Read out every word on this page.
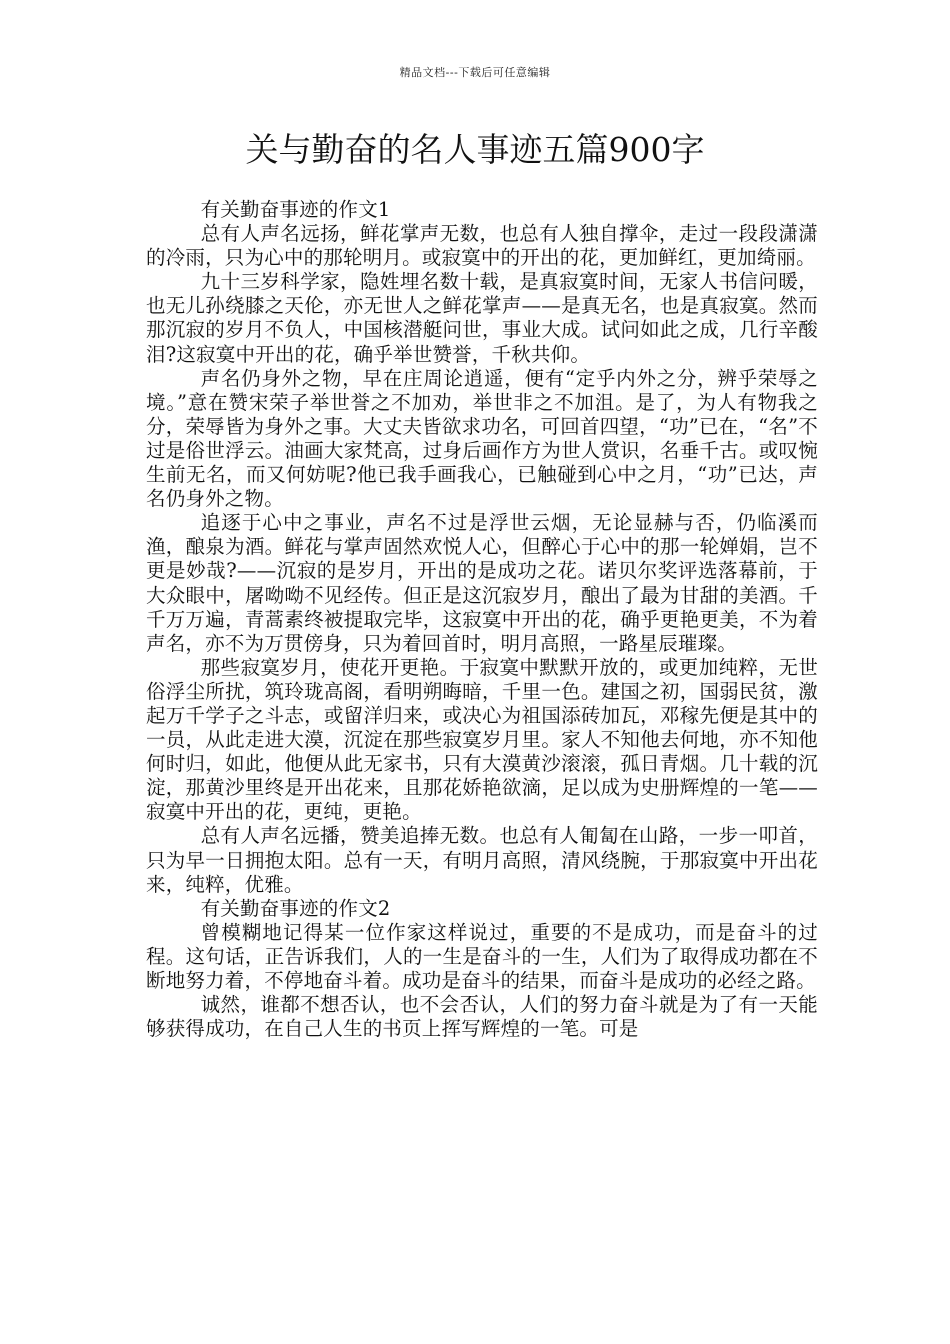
精品文档---下载后可任意编辑
关与勤奋的名人事迹五篇900字

有关勤奋事迹的作文1

总有人声名远扬，鲜花掌声无数，也总有人独自撑伞，走过一段段潇潇的冷雨，只为心中的那轮明月。或寂寞中的开出的花，更加鲜红，更加绮丽。

九十三岁科学家，隐姓埋名数十载，是真寂寞时间，无家人书信问暖，也无儿孙绕膝之天伦，亦无世人之鲜花掌声——是真无名，也是真寂寞。然而那沉寂的岁月不负人，中国核潜艇问世，事业大成。试问如此之成，几行辛酸泪?这寂寞中开出的花，确乎举世赞誉，千秋共仰。

声名仍身外之物，早在庄周论逍遥，便有“定乎内外之分，辨乎荣辱之境。”意在赞宋荣子举世誉之不加劝，举世非之不加沮。是了，为人有物我之分，荣辱皆为身外之事。大丈夫皆欲求功名，可回首四望，“功”已在，“名”不过是俗世浮云。油画大家梵高，过身后画作方为世人赏识，名垂千古。或叹惋生前无名，而又何妨呢?他已我手画我心，已触碰到心中之月，“功”已达，声名仍身外之物。

追逐于心中之事业，声名不过是浮世云烟，无论显赫与否，仍临溪而渔，酿泉为酒。鲜花与掌声固然欢悦人心，但醉心于心中的那一轮婵娟，岂不更是妙哉?——沉寂的是岁月，开出的是成功之花。诺贝尔奖评选落幕前，于大众眼中，屠呦呦不见经传。但正是这沉寂岁月，酿出了最为甘甜的美酒。千千万万遍，青蒿素终被提取完毕，这寂寞中开出的花，确乎更艳更美，不为着声名，亦不为万贯傍身，只为着回首时，明月高照，一路星辰璀璨。

那些寂寞岁月，使花开更艳。于寂寞中默默开放的，或更加纯粹，无世俗浮尘所扰，筑玲珑高阁，看明朔晦暗，千里一色。建国之初，国弱民贫，激起万千学子之斗志，或留洋归来，或决心为祖国添砖加瓦，邓稼先便是其中的一员，从此走进大漠，沉淀在那些寂寞岁月里。家人不知他去何地，亦不知他何时归，如此，他便从此无家书，只有大漠黄沙滚滚，孤日青烟。几十载的沉淀，那黄沙里终是开出花来，且那花娇艳欲滴，足以成为史册辉煌的一笔——寂寞中开出的花，更纯，更艳。

总有人声名远播，赞美追捧无数。也总有人匍匐在山路，一步一叩首，只为早一日拥抱太阳。总有一天，有明月高照，清风绕腕，于那寂寞中开出花来，纯粹，优雅。

有关勤奋事迹的作文2

曾模糊地记得某一位作家这样说过，重要的不是成功，而是奋斗的过程。这句话，正告诉我们，人的一生是奋斗的一生，人们为了取得成功都在不断地努力着，不停地奋斗着。成功是奋斗的结果，而奋斗是成功的必经之路。

诚然，谁都不想否认，也不会否认，人们的努力奋斗就是为了有一天能够获得成功，在自己人生的书页上挥写辉煌的一笔。可是
